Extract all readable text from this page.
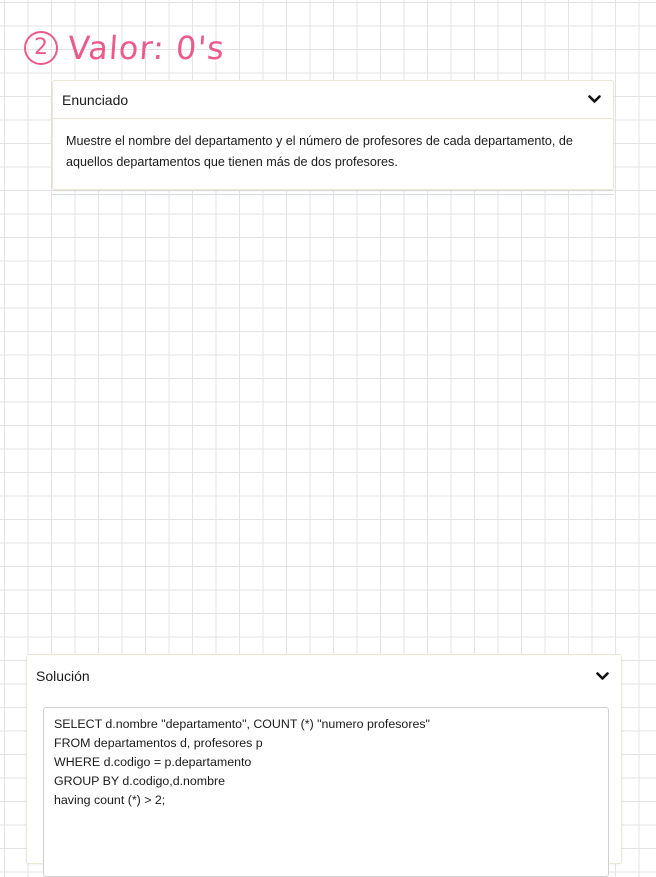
2 Valor: 0's
Enunciado

Muestre el nombre del departamento y el número de profesores de cada departamento, de

aquellos departamentos que tienen más de dos profesores.

Solución
SELECT d.nombre "departamento", COUNT (*) "numero profesores"
FROM departamentos d, profesores p
WHERE d.codigo = p.departamento
GROUP BY d.codigo,d.nombre
having count (*) > 2;
